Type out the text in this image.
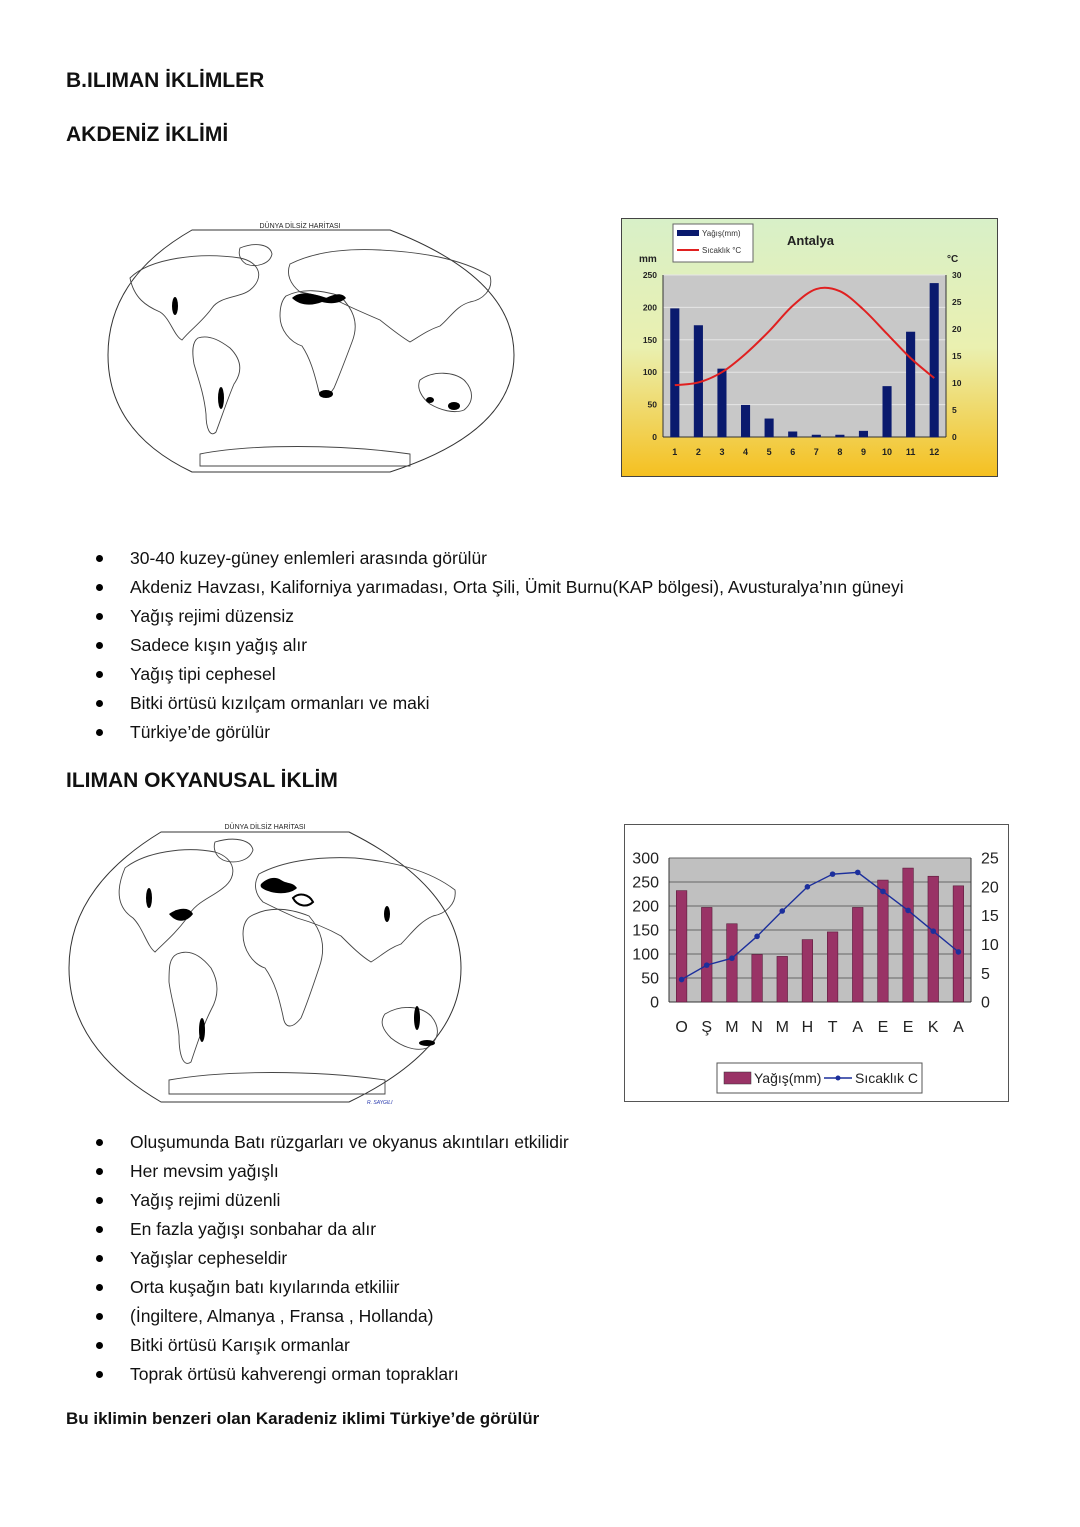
B.ILIMAN İKLİMLER
AKDENİZ İKLİMİ
DÜNYA DİLSİZ HARİTASI
0
50
100
150
200
250
0
5
10
15
20
25
30
1 2 3 4 5 6 7 8 9 10 11 12
mm	°C
Antalya
Yağış(mm)
Sıcaklık °C
30-40 kuzey-güney enlemleri arasında görülür
Akdeniz Havzası, Kaliforniya yarımadası, Orta Şili, Ümit Burnu(KAP bölgesi), Avusturalya’nın güneyi
Yağış rejimi düzensiz
Sadece kışın yağış alır
Yağış tipi cephesel
Bitki örtüsü kızılçam ormanları ve maki
Türkiye’de görülür
ILIMAN OKYANUSAL İKLİM
DÜNYA DİLSİZ HARİTASI
R. SAYGILI
0
50
100
150
200
250
300
0
5
10
15
20
25
O Ş M N M H T A E E K A
Yağış(mm) Sıcaklık C
Oluşumunda Batı rüzgarları ve okyanus akıntıları etkilidir
Her mevsim yağışlı
Yağış rejimi düzenli
En fazla yağışı sonbahar da alır
Yağışlar cepheseldir
Orta kuşağın batı kıyılarında etkiliir
(İngiltere, Almanya , Fransa , Hollanda)
Bitki örtüsü Karışık ormanlar
Toprak örtüsü kahverengi orman toprakları

Bu iklimin benzeri olan Karadeniz iklimi Türkiye’de görülür
